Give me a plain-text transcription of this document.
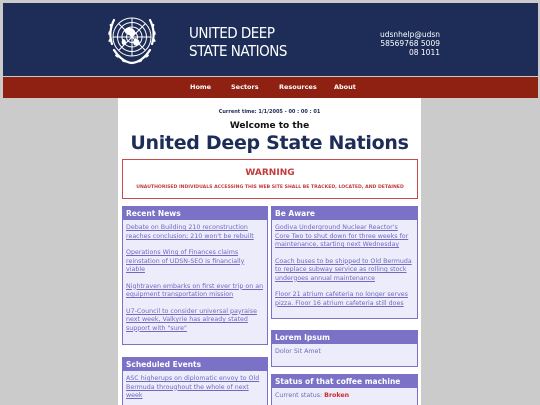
UNITED DEEP
STATE NATIONS
udsnhelp@udsn
58569768 5009
08 1011
Home	Sectors	Resources	About
Current time: 1/1/2005 - 00 : 00 : 01
Welcome to the
United Deep State Nations
WARNING
UNAUTHORISED INDIVIDUALS ACCESSING THIS WEB SITE SHALL BE TRACKED, LOCATED, AND DETAINED
Recent News
Debate on Building 210 reconstruction reaches conclusion; 210 won't be rebuilt
Operations Wing of Finances claims reinstation of UDSN-SEO is financially viable
Nightraven embarks on first ever trip on an equipment transportation mission
U7-Council to consider universal payraise next week, Valkyrie has already stated support with "sure"
Scheduled Events
ASC higherups on diplomatic envoy to Old Bermuda throughout the whole of next week
Be Aware
Godiva Underground Nuclear Reactor's Core Two to shut down for three weeks for maintenance, starting next Wednesday
Coach buses to be shipped to Old Bermuda to replace subway service as rolling stock undergoes annual maintenance
Floor 21 atrium cafeteria no longer serves pizza. Floor 16 atrium cafeteria still does
Lorem Ipsum
Dolor Sit Amet
Status of that coffee machine
Current status: Broken
